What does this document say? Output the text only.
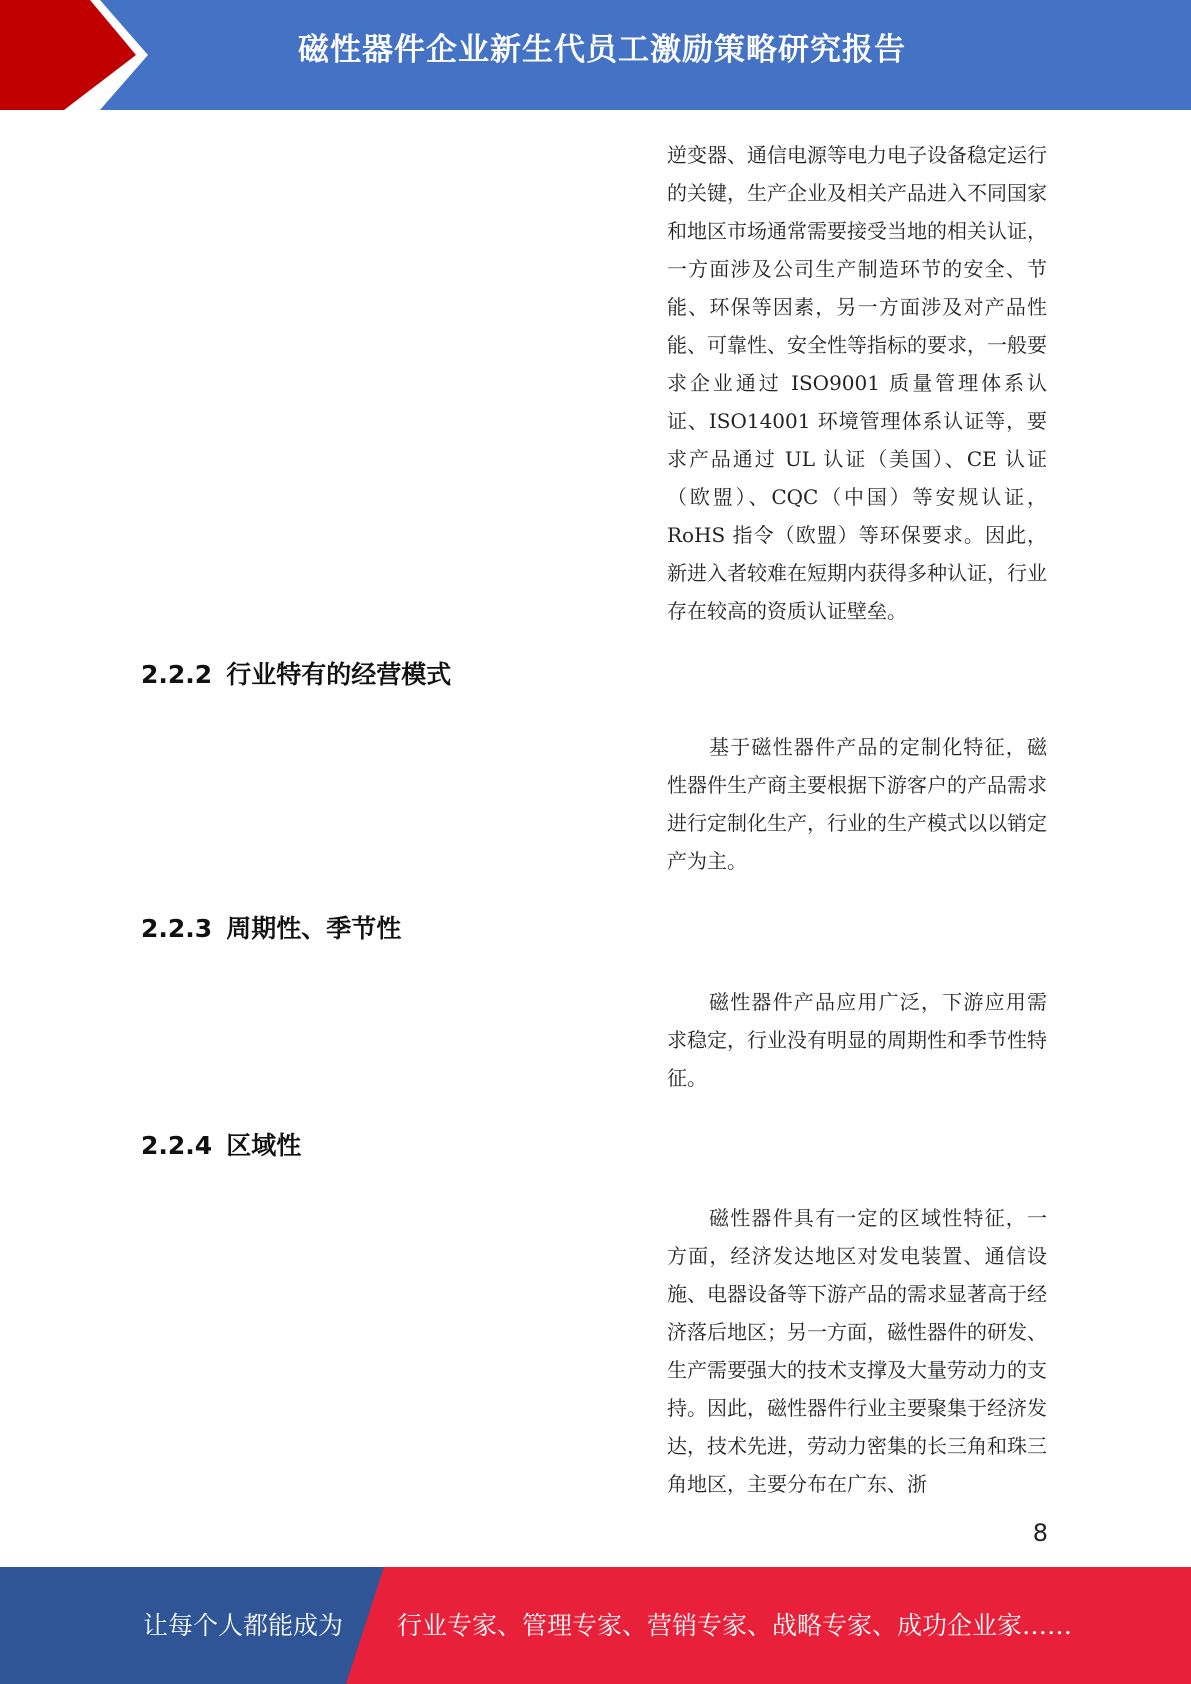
磁性器件企业新生代员工激励策略研究报告

逆变器、通信电源等电力电子设备稳定运行的关键，生产企业及相关产品进入不同国家和地区市场通常需要接受当地的相关认证，一方面涉及公司生产制造环节的安全、节能、环保等因素，另一方面涉及对产品性能、可靠性、安全性等指标的要求，一般要求企业通过 ISO9001 质量管理体系认证、ISO14001 环境管理体系认证等，要求产品通过 UL 认证（美国）、CE 认证（欧盟）、CQC（中国）等安规认证，RoHS 指令（欧盟）等环保要求。因此，新进入者较难在短期内获得多种认证，行业存在较高的资质认证壁垒。

2.2.2 行业特有的经营模式

基于磁性器件产品的定制化特征，磁性器件生产商主要根据下游客户的产品需求进行定制化生产，行业的生产模式以以销定产为主。

2.2.3 周期性、季节性

磁性器件产品应用广泛，下游应用需求稳定，行业没有明显的周期性和季节性特征。

2.2.4 区域性

磁性器件具有一定的区域性特征，一方面，经济发达地区对发电装置、通信设施、电器设备等下游产品的需求显著高于经济落后地区；另一方面，磁性器件的研发、生产需要强大的技术支撑及大量劳动力的支持。因此，磁性器件行业主要聚集于经济发达，技术先进，劳动力密集的长三角和珠三角地区，主要分布在广东、浙

8
让每个人都能成为 行业专家、管理专家、营销专家、战略专家、成功企业家……
